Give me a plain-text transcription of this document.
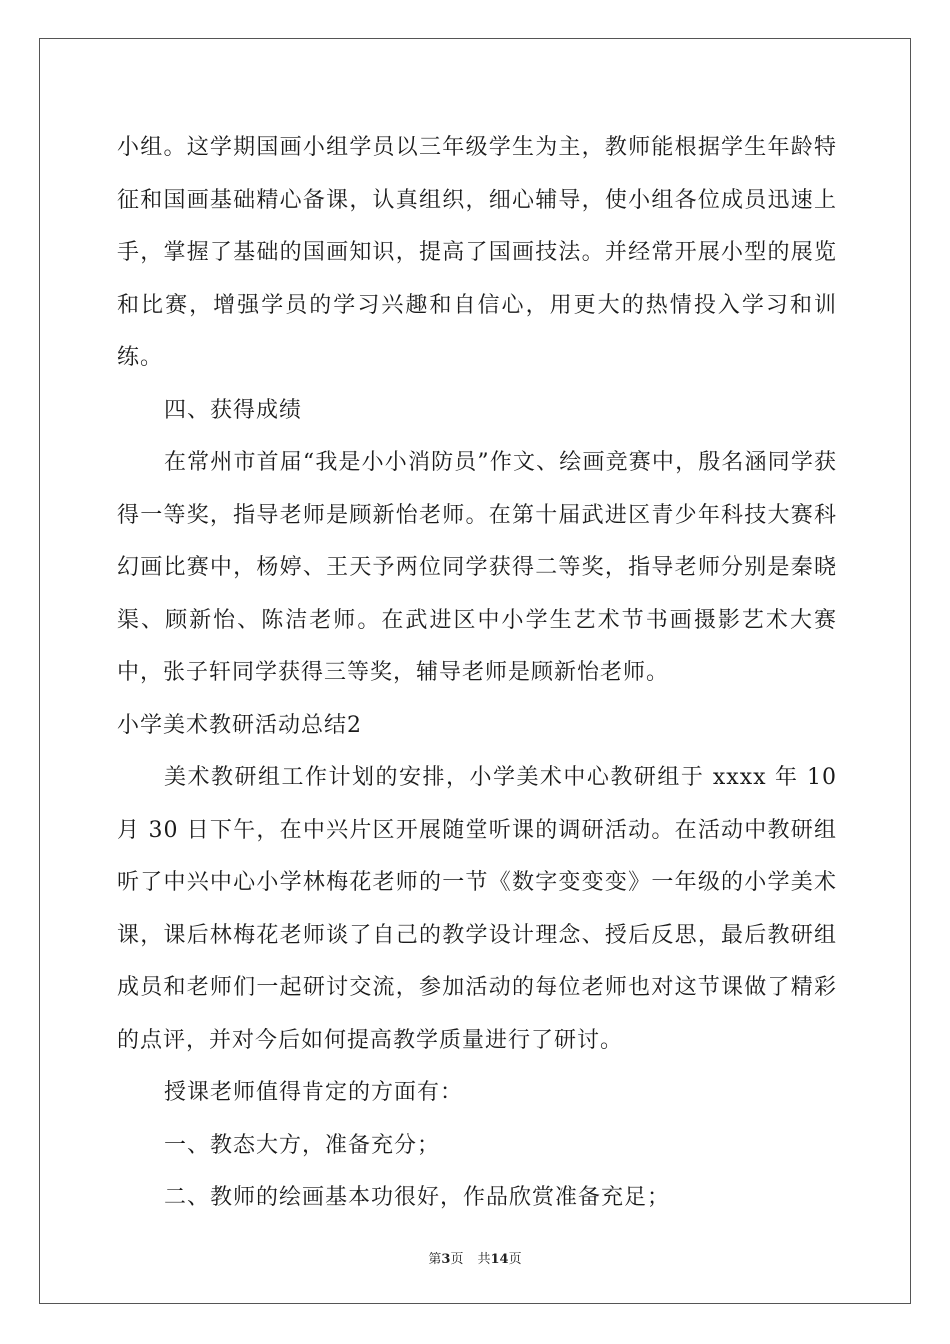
小组。这学期国画小组学员以三年级学生为主，教师能根据学生年龄特征和国画基础精心备课，认真组织，细心辅导，使小组各位成员迅速上手，掌握了基础的国画知识，提高了国画技法。并经常开展小型的展览和比赛，增强学员的学习兴趣和自信心，用更大的热情投入学习和训练。

四、获得成绩

在常州市首届“我是小小消防员”作文、绘画竞赛中，殷名涵同学获得一等奖，指导老师是顾新怡老师。在第十届武进区青少年科技大赛科幻画比赛中，杨婷、王天予两位同学获得二等奖，指导老师分别是秦晓渠、顾新怡、陈洁老师。在武进区中小学生艺术节书画摄影艺术大赛中，张子轩同学获得三等奖，辅导老师是顾新怡老师。

小学美术教研活动总结2

美术教研组工作计划的安排，小学美术中心教研组于 xxxx 年 10 月 30 日下午，在中兴片区开展随堂听课的调研活动。在活动中教研组听了中兴中心小学林梅花老师的一节《数字变变变》一年级的小学美术课，课后林梅花老师谈了自己的教学设计理念、授后反思，最后教研组成员和老师们一起研讨交流，参加活动的每位老师也对这节课做了精彩的点评，并对今后如何提高教学质量进行了研讨。

授课老师值得肯定的方面有：

一、教态大方，准备充分；

二、教师的绘画基本功很好，作品欣赏准备充足；

第3页 共14页
